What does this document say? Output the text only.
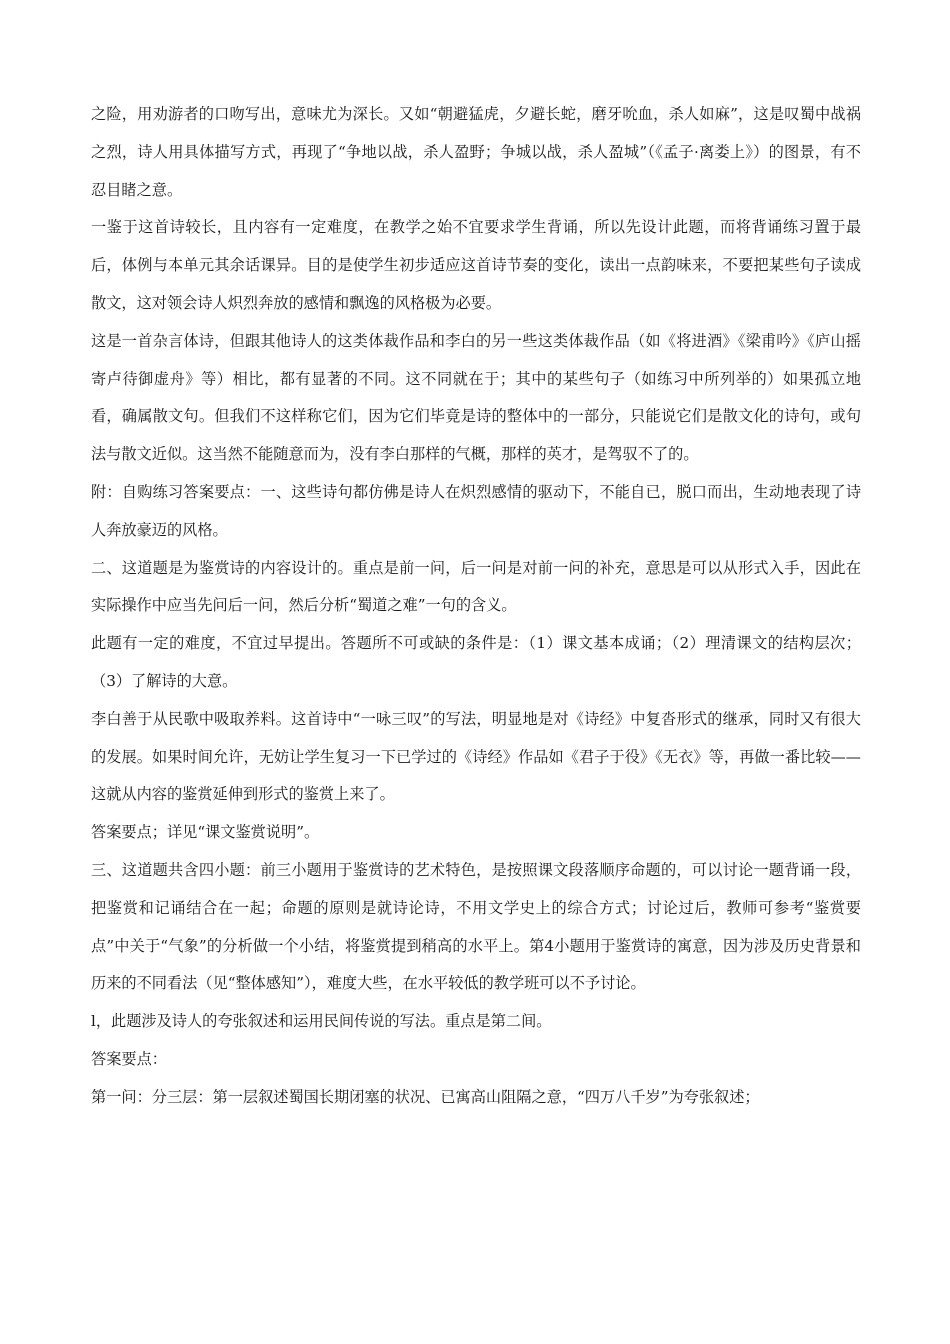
之险，用劝游者的口吻写出，意味尤为深长。又如“朝避猛虎，夕避长蛇，磨牙吮血，杀人如麻”，这是叹蜀中战祸之烈，诗人用具体描写方式，再现了“争地以战，杀人盈野；争城以战，杀人盈城”（《孟子·离娄上》）的图景，有不忍目睹之意。

一鉴于这首诗较长，且内容有一定难度，在教学之始不宜要求学生背诵，所以先设计此题，而将背诵练习置于最后，体例与本单元其余话课异。目的是使学生初步适应这首诗节奏的变化，读出一点韵味来，不要把某些句子读成散文，这对领会诗人炽烈奔放的感情和飘逸的风格极为必要。

这是一首杂言体诗，但跟其他诗人的这类体裁作品和李白的另一些这类体裁作品（如《将进酒》《梁甫吟》《庐山摇寄卢待御虚舟》等）相比，都有显著的不同。这不同就在于；其中的某些句子（如练习中所列举的）如果孤立地看，确属散文句。但我们不这样称它们，因为它们毕竟是诗的整体中的一部分，只能说它们是散文化的诗句，或句法与散文近似。这当然不能随意而为，没有李白那样的气概，那样的英才，是驾驭不了的。

附：自购练习答案要点：一、这些诗句都仿佛是诗人在炽烈感情的驱动下，不能自已，脱口而出，生动地表现了诗人奔放豪迈的风格。

二、这道题是为鉴赏诗的内容设计的。重点是前一问，后一问是对前一问的补充，意思是可以从形式入手，因此在实际操作中应当先问后一问，然后分析“蜀道之难”一句的含义。

此题有一定的难度，不宜过早提出。答题所不可或缺的条件是：（1）课文基本成诵；（2）理清课文的结构层次；（3）了解诗的大意。

李白善于从民歌中吸取养料。这首诗中“一咏三叹”的写法，明显地是对《诗经》中复沓形式的继承，同时又有很大的发展。如果时间允许，无妨让学生复习一下已学过的《诗经》作品如《君子于役》《无衣》等，再做一番比较——这就从内容的鉴赏延伸到形式的鉴赏上来了。

答案要点；详见“课文鉴赏说明”。

三、这道题共含四小题：前三小题用于鉴赏诗的艺术特色，是按照课文段落顺序命题的，可以讨论一题背诵一段，把鉴赏和记诵结合在一起；命题的原则是就诗论诗，不用文学史上的综合方式；讨论过后，教师可参考“鉴赏要点”中关于“气象”的分析做一个小结，将鉴赏提到稍高的水平上。第4小题用于鉴赏诗的寓意，因为涉及历史背景和历来的不同看法（见“整体感知”），难度大些，在水平较低的教学班可以不予讨论。

l，此题涉及诗人的夸张叙述和运用民间传说的写法。重点是第二间。

答案要点：

第一问：分三层：第一层叙述蜀国长期闭塞的状况、已寓高山阻隔之意，“四万八千岁”为夸张叙述；
